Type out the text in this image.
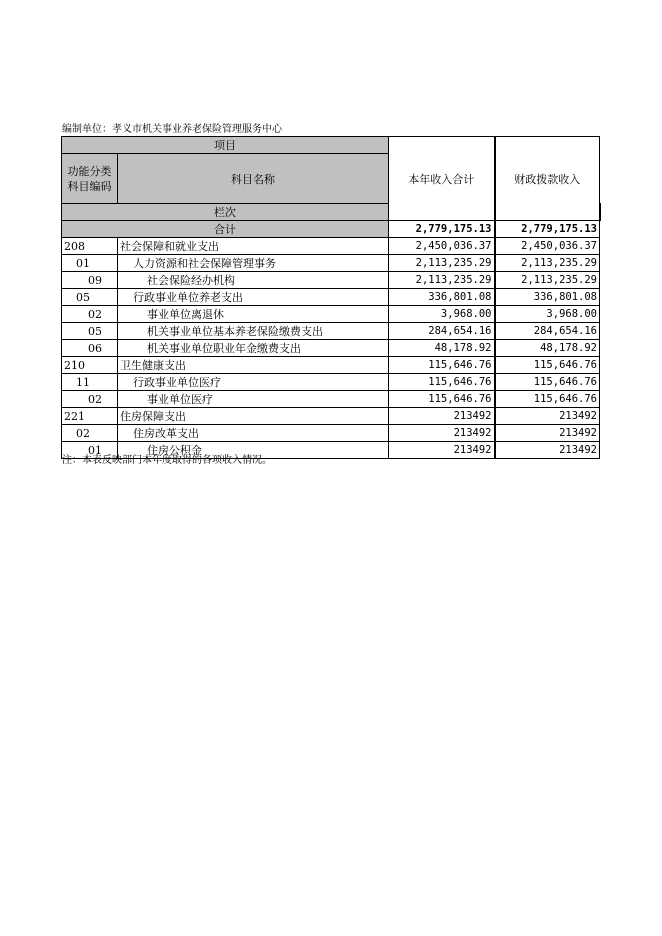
编制单位：孝义市机关事业养老保险管理服务中心
项目		本年收入合计	财政拨款收入	
功能分类科目编码	科目名称			
栏次		
合计		2,779,175.13	2,779,175.13	
208	社会保障和就业支出	2,450,036.37	2,450,036.37	
01	人力资源和社会保障管理事务	2,113,235.29	2,113,235.29	
09	社会保险经办机构	2,113,235.29	2,113,235.29	
05	行政事业单位养老支出	336,801.08	336,801.08	
02	事业单位离退休	3,968.00	3,968.00	
05	机关事业单位基本养老保险缴费支出	284,654.16	284,654.16	
06	机关事业单位职业年金缴费支出	48,178.92	48,178.92	
210	卫生健康支出	115,646.76	115,646.76	
11	行政事业单位医疗	115,646.76	115,646.76	
02	事业单位医疗	115,646.76	115,646.76	
221	住房保障支出	213492	213492	
02	住房改革支出	213492	213492	
01	住房公积金	213492	213492	
注：本表反映部门本年度取得的各项收入情况。
